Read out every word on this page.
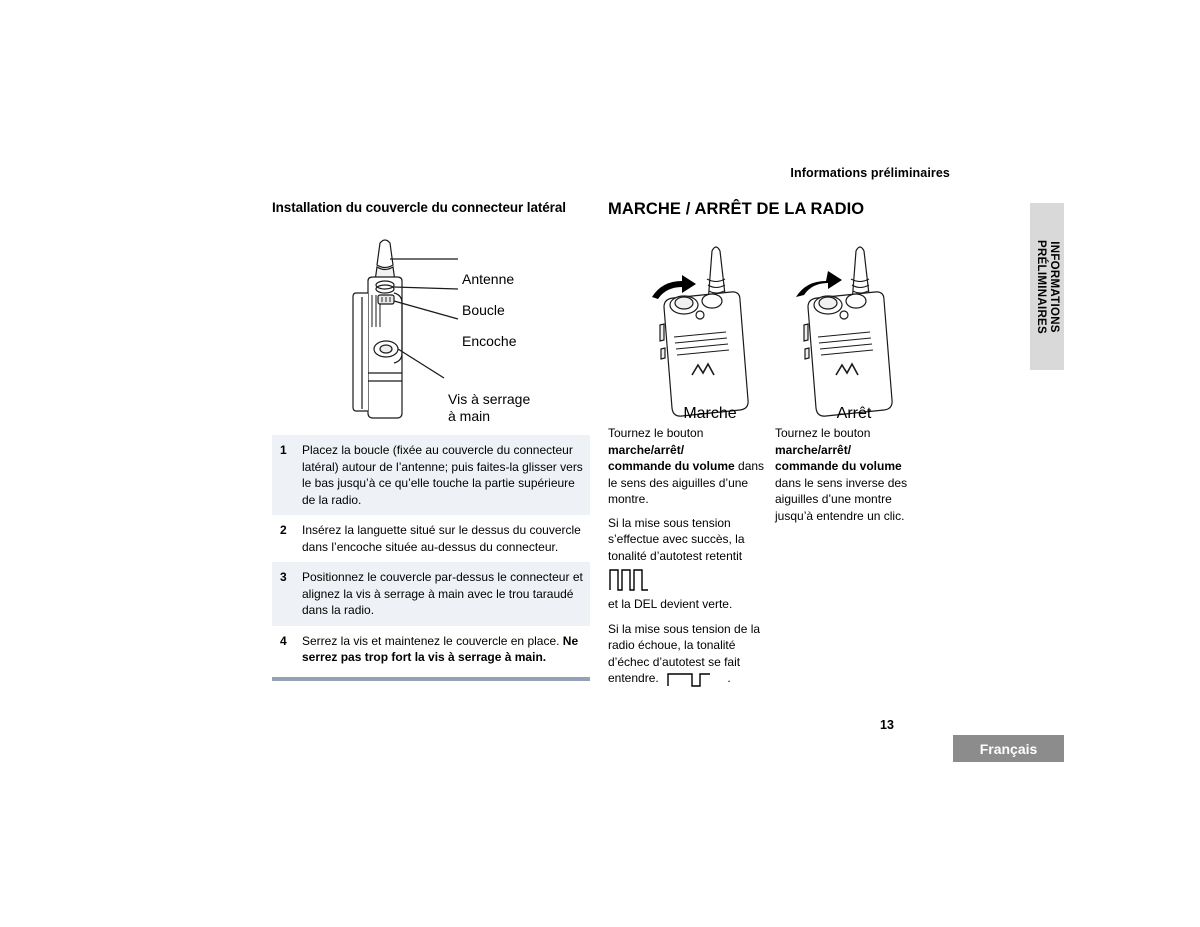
Informations préliminaires
INFORMATIONS
PRÉLIMINAIRES
Installation du couvercle du connecteur latéral
Antenne
Boucle
Encoche
Vis à serrage
à main
1	Placez la boucle (fixée au couvercle du connecteur latéral) autour de l’antenne; puis faites-la glisser vers le bas jusqu’à ce qu’elle touche la partie supérieure de la radio.
2	Insérez la languette situé sur le dessus du couvercle dans l’encoche située au-dessus du connecteur.
3	Positionnez le couvercle par-dessus le connecteur et alignez la vis à serrage à main avec le trou taraudé dans la radio.
4	Serrez la vis et maintenez le couvercle en place. Ne serrez pas trop fort la vis à serrage à main.
MARCHE / ARRÊT DE LA RADIO
Marche	Arrêt

Tournez le bouton marche/arrêt/

commande du volume dans le sens des aiguilles d’une montre.

Si la mise sous tension s’effectue avec succès, la tonalité d’autotest retentit

et la DEL devient verte.

Si la mise sous tension de la radio échoue, la tonalité d’échec d’autotest se fait entendre.	.

Tournez le bouton marche/arrêt/

commande du volume dans le sens inverse des aiguilles d’une montre jusqu’à entendre un clic.

13
Français
